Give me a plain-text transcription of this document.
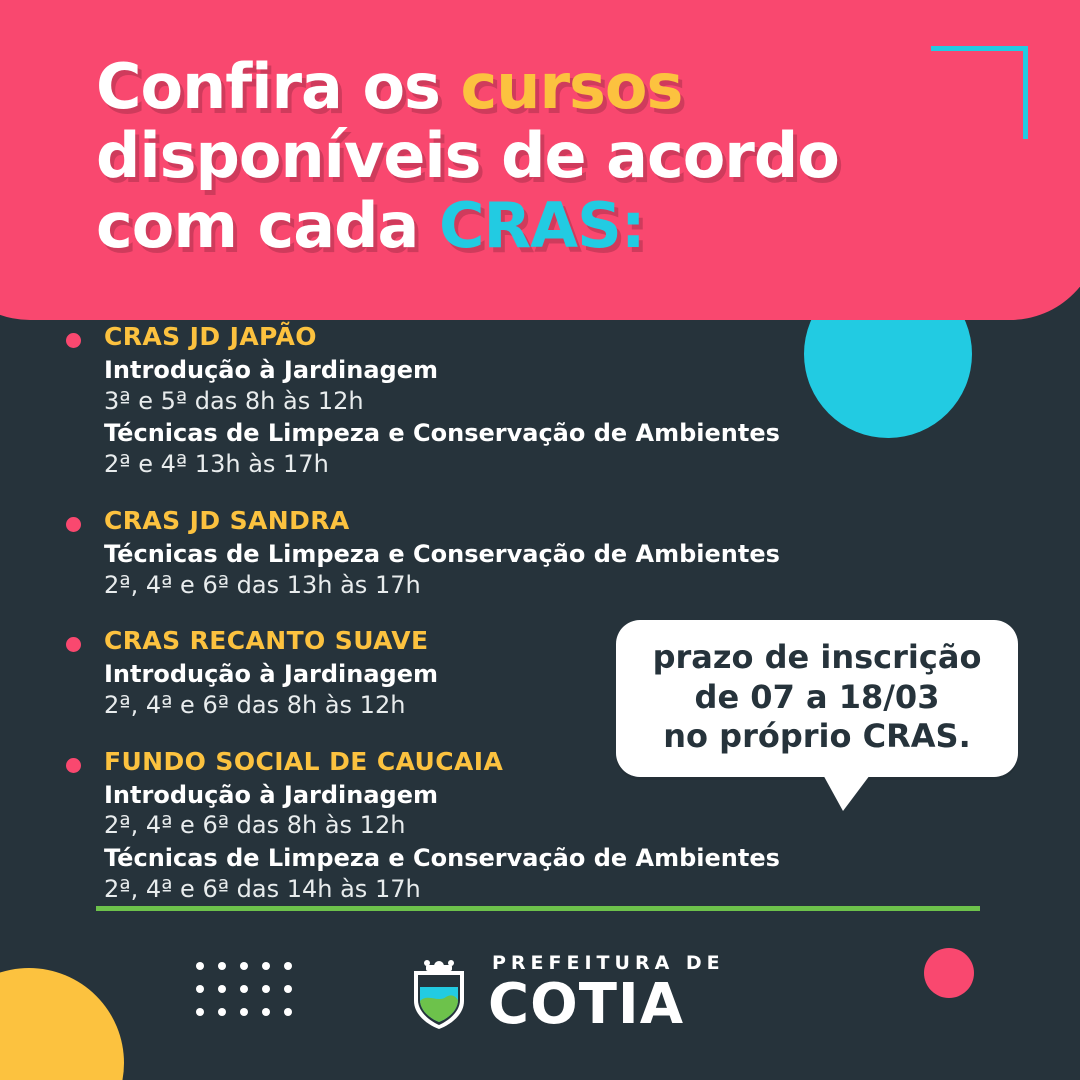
Confira os cursos
disponíveis de acordo
com cada CRAS:
CRAS JD JAPÃO
Introdução à Jardinagem
3ª e 5ª das 8h às 12h
Técnicas de Limpeza e Conservação de Ambientes
2ª e 4ª 13h às 17h
CRAS JD SANDRA
Técnicas de Limpeza e Conservação de Ambientes
2ª, 4ª e 6ª das 13h às 17h
CRAS RECANTO SUAVE
Introdução à Jardinagem
2ª, 4ª e 6ª das 8h às 12h
FUNDO SOCIAL DE CAUCAIA
Introdução à Jardinagem
2ª, 4ª e 6ª das 8h às 12h
Técnicas de Limpeza e Conservação de Ambientes
2ª, 4ª e 6ª das 14h às 17h
prazo de inscrição
de 07 a 18/03
no próprio CRAS.
PREFEITURA DE
COTIA
